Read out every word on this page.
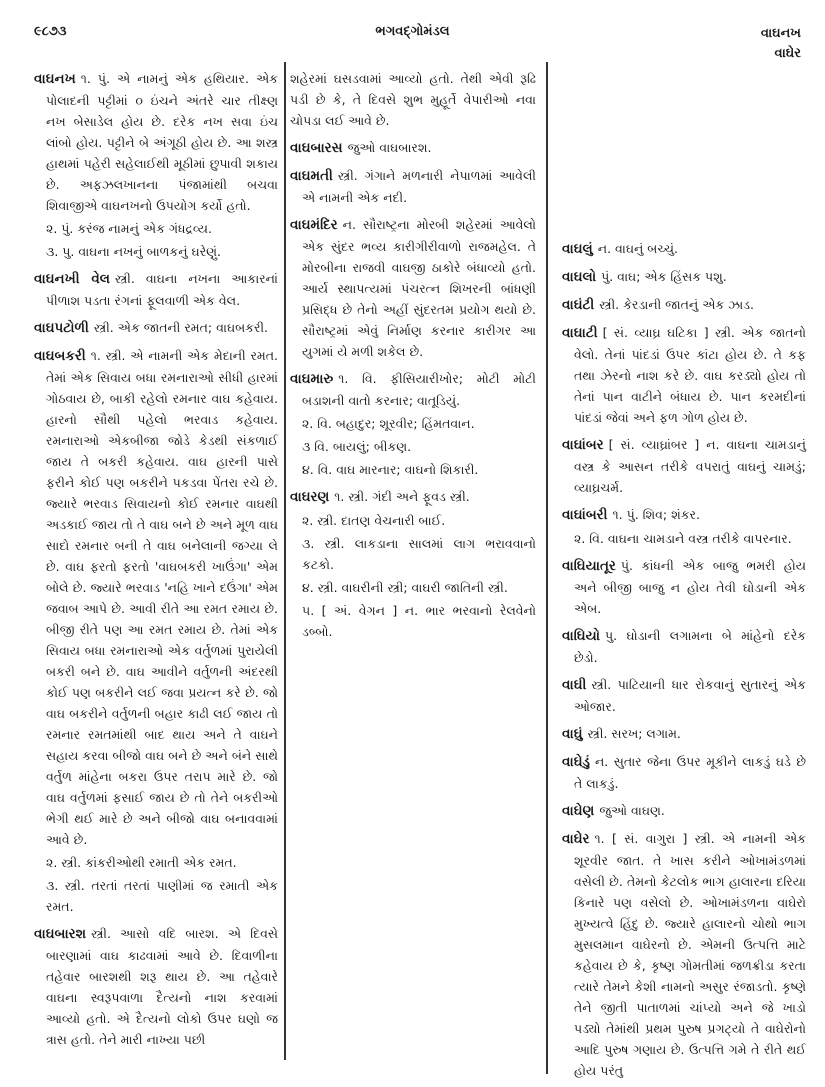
૯૮૭૩	ભગવદ્ગોમંડલ	વાઘનખ
વાઘેર
વાઘનખ ૧. પું. એ નામનું એક હથિયાર. એક પોલાદની પટ્ટીમાં ૦ ઇંચને અંતરે ચાર તીક્ષ્ણ નખ બેસાડેલ હોય છે. દરેક નખ સવા ઇંચ લાંબો હોય. પટ્ટીને બે અંગૂઠી હોય છે. આ શસ્ત્ર હાથમાં પહેરી સહેલાઈથી મૂઠીમાં છુપાવી શકાય છે. અફઝલખાનના પંજામાંથી બચવા શિવાજીએ વાઘનખનો ઉપયોગ કર્યો હતો.
૨. પું. કરંજ નામનું એક ગંધદ્રવ્ય.
૩. પુ. વાઘના નખનું બાળકનું ઘરેણું.
વાઘનખી વેલ સ્ત્રી. વાઘના નખના આકારનાં પીળાશ પડતા રંગનાં ફૂલવાળી એક વેલ.
વાઘપટોળી સ્ત્રી. એક જાતની રમત; વાઘબકરી.
વાઘબકરી ૧. સ્ત્રી. એ નામની એક મેદાની રમત. તેમાં એક સિવાય બધા રમનારાઓ સીધી હારમાં ગોઠવાય છે, બાકી રહેલો રમનાર વાઘ કહેવાય. હારનો સૌથી પહેલો ભરવાડ કહેવાય. રમનારાઓ એકબીજા જોડે કેડથી સંકળાઈ જાય તે બકરી કહેવાય. વાઘ હારની પાસે ફરીને કોઈ પણ બકરીને પકડવા પેંતરા રચે છે. જ્યારે ભરવાડ સિવાયનો કોઈ રમનાર વાઘથી અડકાઈ જાય તો તે વાઘ બને છે અને મૂળ વાઘ સાદો રમનાર બની તે વાઘ બનેલાની જગ્યા લે છે. વાઘ ફરતો ફરતો 'વાઘબકરી ખાઉંગા' એમ બોલે છે. જ્યારે ભરવાડ 'નહિ ખાને દઉંગા' એમ જવાબ આપે છે. આવી રીતે આ રમત રમાય છે. બીજી રીતે પણ આ રમત રમાય છે. તેમાં એક સિવાય બધા રમનારાઓ એક વર્તુળમાં પુરાયેલી બકરી બને છે. વાઘ આવીને વર્તુળની અંદરથી કોઈ પણ બકરીને લઈ જવા પ્રયત્ન કરે છે. જો વાઘ બકરીને વર્તુળની બહાર કાઢી લઈ જાય તો રમનાર રમતમાંથી બાદ થાય અને તે વાઘને સહાય કરવા બીજો વાઘ બને છે અને બંને સાથે વર્તુળ માંહેના બકરા ઉપર તરાપ મારે છે. જો વાઘ વર્તુળમાં ફસાઈ જાય છે તો તેને બકરીઓ ભેગી થઈ મારે છે અને બીજો વાઘ બનાવવામાં આવે છે.
૨. સ્ત્રી. કાંકરીઓથી રમાતી એક રમત.
૩. સ્ત્રી. તરતાં તરતાં પાણીમાં જ રમાતી એક રમત.
વાઘબારશ સ્ત્રી. આસો વદિ બારશ. એ દિવસે બારણામાં વાઘ કાઢવામાં આવે છે. દિવાળીના તહેવાર બારશથી શરૂ થાય છે. આ તહેવારે વાઘના સ્વરૂપવાળા દૈત્યનો નાશ કરવામાં આવ્યો હતો. એ દૈત્યનો લોકો ઉપર ઘણો જ ત્રાસ હતો. તેને મારી નાખ્યા પછી
શહેરમાં ઘસડવામાં આવ્યો હતો. તેથી એવી રૂઢિ પડી છે કે, તે દિવસે શુભ મુહૂર્તે વેપારીઓ નવા ચોપડા લઈ આવે છે.
વાઘબારસ જુઓ વાઘબારશ.
વાઘમતી સ્ત્રી. ગંગાને મળનારી નેપાળમાં આવેલી એ નામની એક નદી.
વાઘમંદિર ન. સૌરાષ્ટ્રના મોરબી શહેરમાં આવેલો એક સુંદર ભવ્ય કારીગીરીવાળો રાજમહેલ. તે મોરબીના રાજવી વાઘજી ઠાકોરે બંધાવ્યો હતો. આર્ય સ્થાપત્યમાં પંચરત્ન શિખરની બાંધણી પ્રસિદ્ધ છે તેનો અહીં સુંદરતમ પ્રયોગ થયો છે. સૌરાષ્ટ્રમાં એવું નિર્માણ કરનાર કારીગર આ યુગમાં યે મળી શકેલ છે.
વાઘમારુ ૧. વિ. ફીસિયારીખોર; મોટી મોટી બડાશની વાતો કરનાર; વાતૂડિયું.
૨. વિ. બહાદુર; શૂરવીર; હિંમતવાન.
૩ વિ. બાયલું; બીકણ.
૪. વિ. વાઘ મારનાર; વાઘનો શિકારી.
વાઘરણ ૧. સ્ત્રી. ગંદી અને ફૂવડ સ્ત્રી.
૨. સ્ત્રી. દાતણ વેચનારી બાઈ.
૩. સ્ત્રી. લાકડાના સાલમાં લાગ ભરાવવાનો કટકો.
૪. સ્ત્રી. વાઘરીની સ્ત્રી; વાઘરી જાતિની સ્ત્રી.
૫. [ અં. વેગન ] ન. ભાર ભરવાનો રેલવેનો ડબ્બો.
વાઘલું ન. વાઘનું બચ્ચું.
વાઘલો પું. વાઘ; એક હિંસક પશુ.
વાઘંટી સ્ત્રી. કેરડાની જાતનું એક ઝાડ.
વાઘાટી [ સં. વ્યાઘ્ર ઘટિકા ] સ્ત્રી. એક જાતનો વેલો. તેનાં પાંદડાં ઉપર કાંટા હોય છે. તે કફ તથા ઝેરનો નાશ કરે છે. વાઘ કરડ્યો હોય તો તેનાં પાન વાટીને બંધાય છે. પાન કરમદીનાં પાંદડાં જેવાં અને ફળ ગોળ હોય છે.
વાઘાંબર [ સં. વ્યાઘ્રાંબર ] ન. વાઘના ચામડાનું વસ્ત્ર કે આસન તરીકે વપરાતું વાઘનું ચામડું; વ્યાઘ્રચર્મ.
વાઘાંબરી ૧. પું. શિવ; શંકર.
૨. વિ. વાઘના ચામડાને વસ્ત્ર તરીકે વાપરનાર.
વાઘિયાતૂર પું. કાંધની એક બાજુ ભમરી હોય અને બીજી બાજુ ન હોય તેવી ઘોડાની એક એબ.
વાઘિયો પુ. ઘોડાની લગામના બે માંહેનો દરેક છેડો.
વાઘી સ્ત્રી. પાટિયાની ધાર રોકવાનું સુતારનું એક ઓજાર.
વાઘું સ્ત્રી. સરખ; લગામ.
વાઘેડું ન. સુતાર જેના ઉપર મૂકીને લાકડું ઘડે છે તે લાકડું.
વાઘેણ જુઓ વાઘણ.
વાઘેર ૧. [ સં. વાગુરા ] સ્ત્રી. એ નામની એક શૂરવીર જાત. તે ખાસ કરીને ઓખામંડળમાં વસેલી છે. તેમનો કેટલોક ભાગ હાલારના દરિયા કિનારે પણ વસેલો છે. ઓખામંડળના વાઘેરો મુખ્યત્વે હિંદુ છે. જ્યારે હાલારનો ચોથો ભાગ મુસલમાન વાઘેરનો છે. એમની ઉત્પત્તિ માટે કહેવાય છે કે, કૃષ્ણ ગોમતીમાં જળક્રીડા કરતા ત્યારે તેમને કેશી નામનો અસુર રંજાડતો. કૃષ્ણે તેને જીતી પાતાળમાં ચાંપ્યો અને જે ખાડો પડ્યો તેમાંથી પ્રથમ પુરુષ પ્રગટ્યો તે વાઘેરોનો આદિ પુરુષ ગણાય છે. ઉત્પત્તિ ગમે તે રીતે થઈ હોય પરંતુ
